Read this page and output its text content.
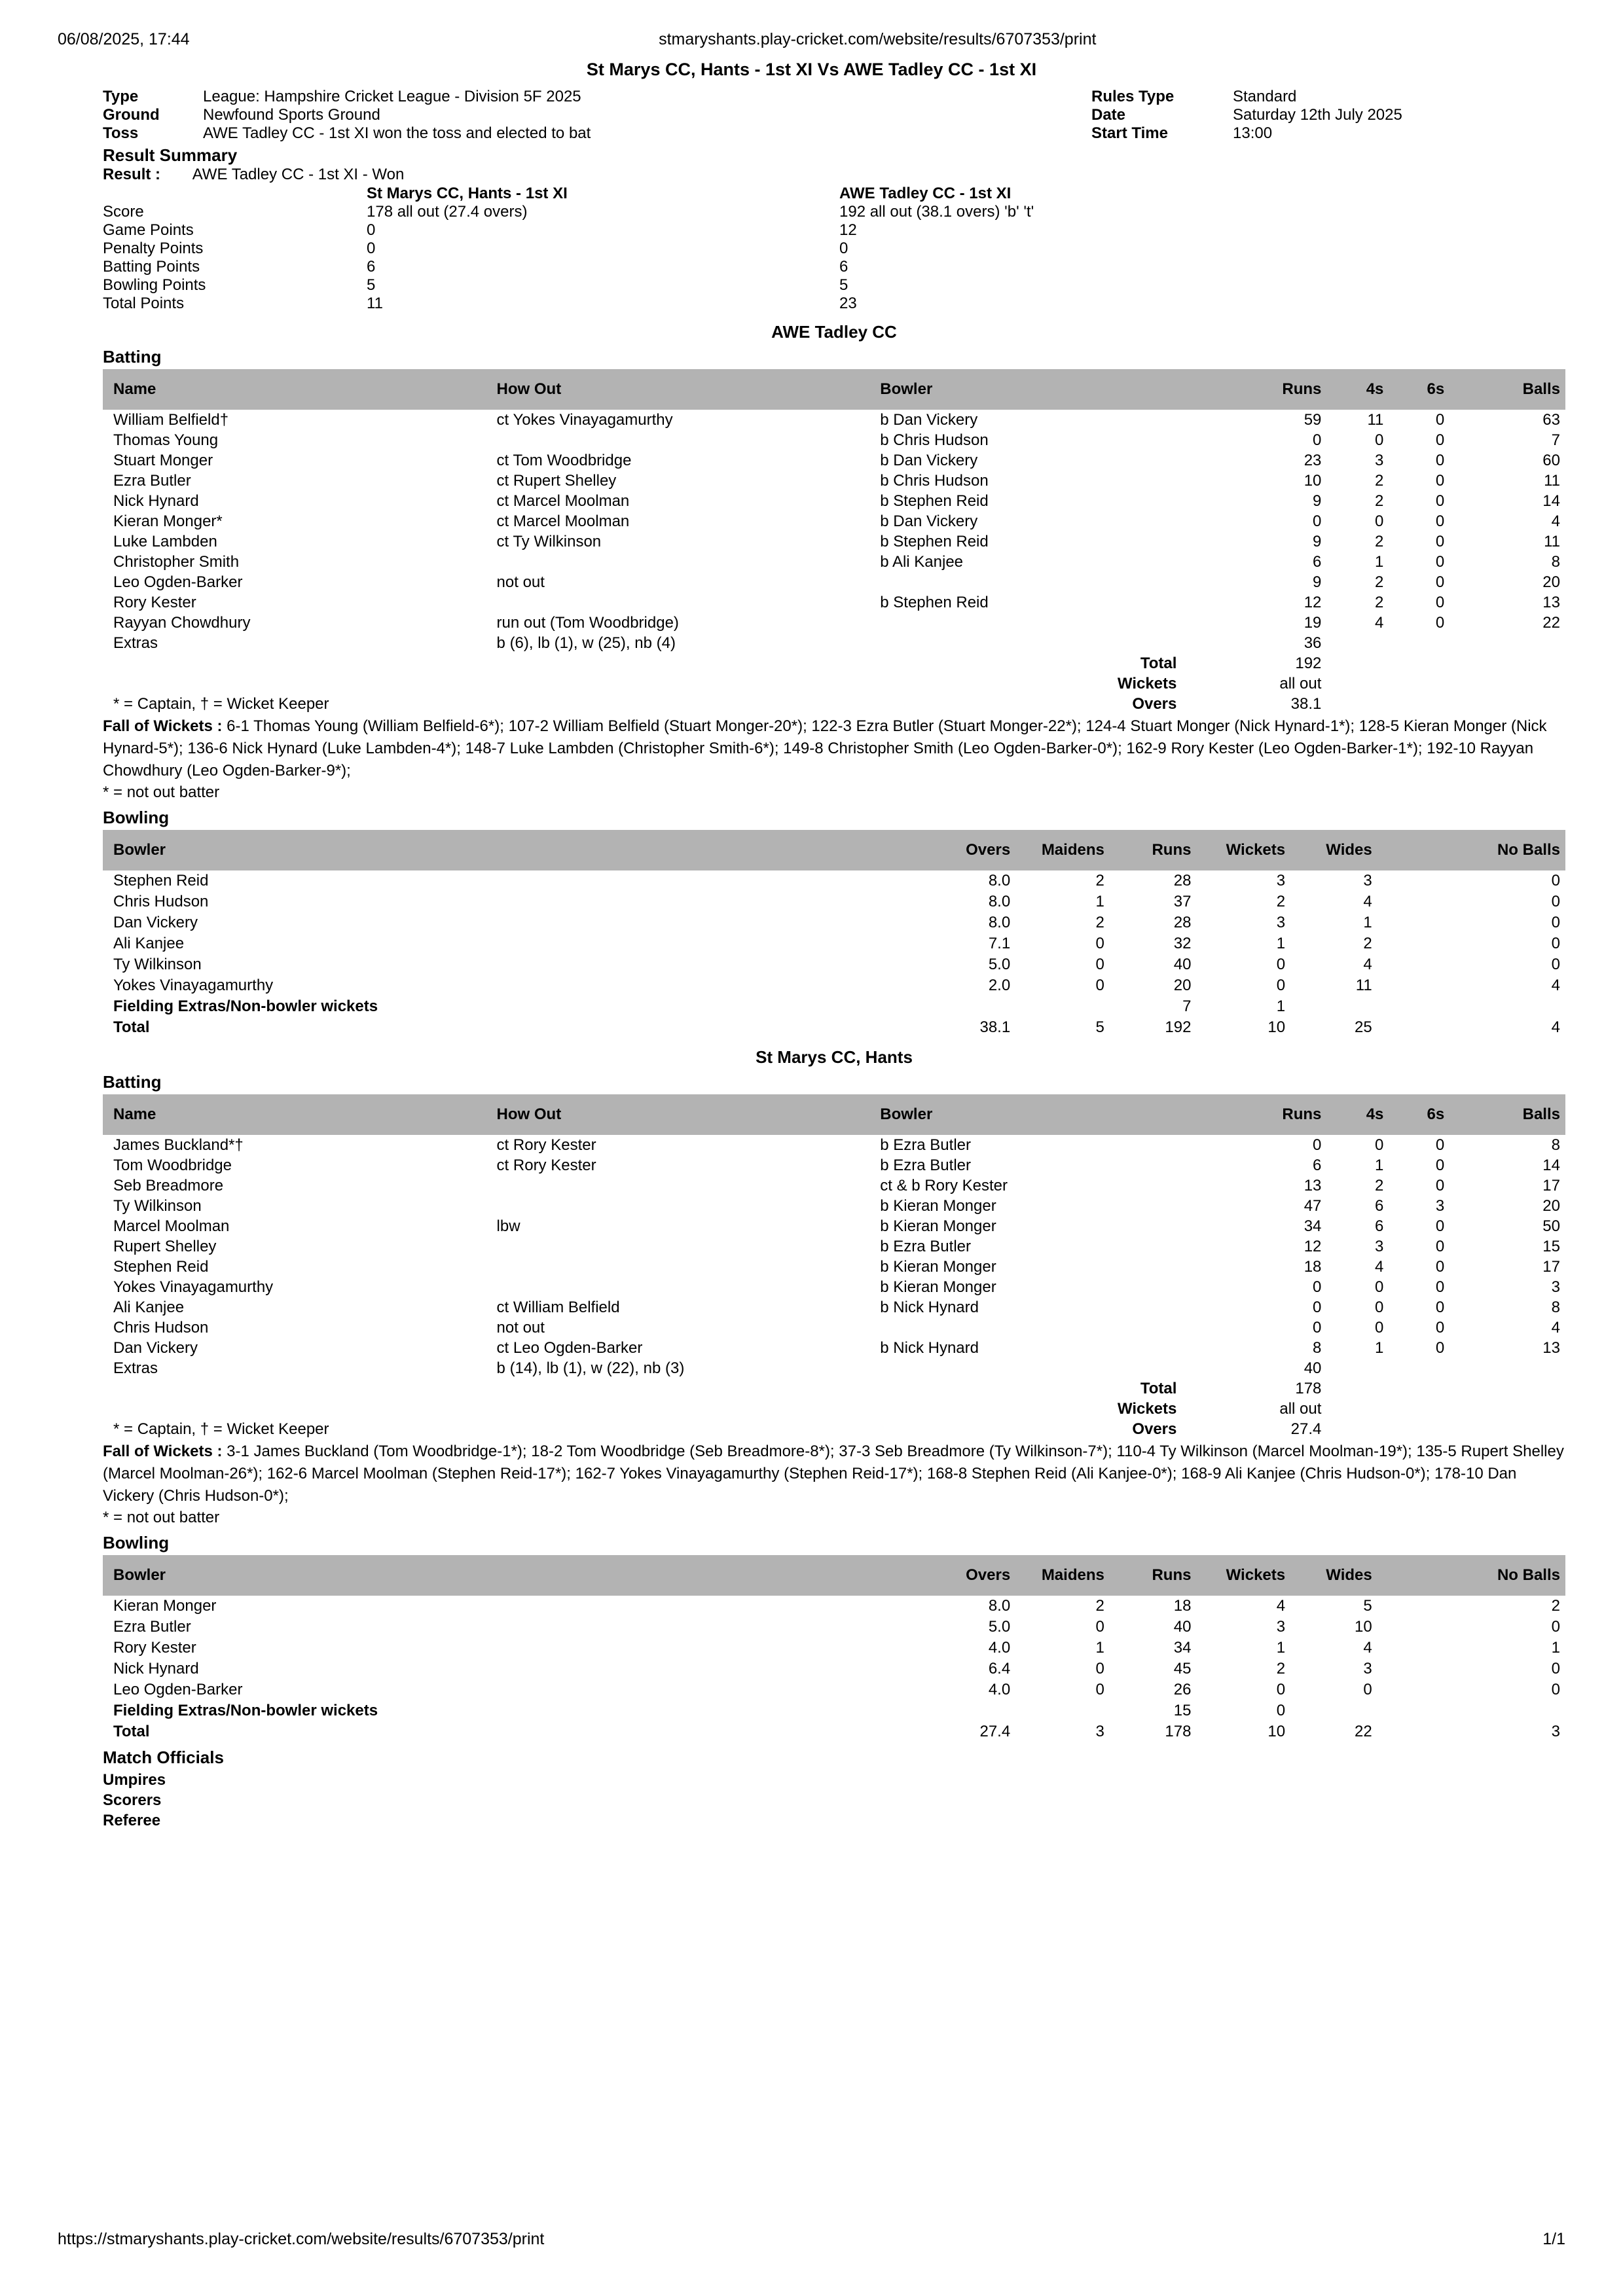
06/08/2025, 17:44	stmaryshants.play-cricket.com/website/results/6707353/print
St Marys CC, Hants - 1st XI Vs AWE Tadley CC - 1st XI
Type	League: Hampshire Cricket League - Division 5F 2025	Rules Type	Standard
Ground	Newfound Sports Ground	Date	Saturday 12th July 2025
Toss	AWE Tadley CC - 1st XI won the toss and elected to bat	Start Time	13:00
Result Summary
Result : AWE Tadley CC - 1st XI - Won
St Marys CC, Hants - 1st XI	AWE Tadley CC - 1st XI
Score	178 all out (27.4 overs)	192 all out (38.1 overs) 'b' 't'
Game Points	0	12
Penalty Points	0	0
Batting Points	6	6
Bowling Points	5	5
Total Points	11	23
AWE Tadley CC
Batting
Name	How Out	Bowler	Runs	4s	6s	Balls
William Belfield†	ct Yokes Vinayagamurthy	b Dan Vickery	59	11	0	63
Thomas Young		b Chris Hudson	0	0	0	7
Stuart Monger	ct Tom Woodbridge	b Dan Vickery	23	3	0	60
Ezra Butler	ct Rupert Shelley	b Chris Hudson	10	2	0	11
Nick Hynard	ct Marcel Moolman	b Stephen Reid	9	2	0	14
Kieran Monger*	ct Marcel Moolman	b Dan Vickery	0	0	0	4
Luke Lambden	ct Ty Wilkinson	b Stephen Reid	9	2	0	11
Christopher Smith		b Ali Kanjee	6	1	0	8
Leo Ogden-Barker	not out		9	2	0	20
Rory Kester		b Stephen Reid	12	2	0	13
Rayyan Chowdhury	run out (Tom Woodbridge)		19	4	0	22
Extras	b (6), lb (1), w (25), nb (4)		36			
Total			192			
Wickets			all out			
* = Captain, † = Wicket Keeper		Overs	38.1			
Fall of Wickets : 6-1 Thomas Young (William Belfield-6*); 107-2 William Belfield (Stuart Monger-20*); 122-3 Ezra Butler (Stuart Monger-22*); 124-4 Stuart Monger (Nick Hynard-1*); 128-5 Kieran Monger (Nick Hynard-5*); 136-6 Nick Hynard (Luke Lambden-4*); 148-7 Luke Lambden (Christopher Smith-6*); 149-8 Christopher Smith (Leo Ogden-Barker-0*); 162-9 Rory Kester (Leo Ogden-Barker-1*); 192-10 Rayyan Chowdhury (Leo Ogden-Barker-9*);
* = not out batter
Bowling
Bowler	Overs	Maidens	Runs	Wickets	Wides	No Balls
Stephen Reid	8.0	2	28	3	3	0
Chris Hudson	8.0	1	37	2	4	0
Dan Vickery	8.0	2	28	3	1	0
Ali Kanjee	7.1	0	32	1	2	0
Ty Wilkinson	5.0	0	40	0	4	0
Yokes Vinayagamurthy	2.0	0	20	0	11	4
Fielding Extras/Non-bowler wickets			7	1		
Total	38.1	5	192	10	25	4
St Marys CC, Hants
Batting
Name	How Out	Bowler	Runs	4s	6s	Balls
James Buckland*†	ct Rory Kester	b Ezra Butler	0	0	0	8
Tom Woodbridge	ct Rory Kester	b Ezra Butler	6	1	0	14
Seb Breadmore		ct & b Rory Kester	13	2	0	17
Ty Wilkinson		b Kieran Monger	47	6	3	20
Marcel Moolman	lbw	b Kieran Monger	34	6	0	50
Rupert Shelley		b Ezra Butler	12	3	0	15
Stephen Reid		b Kieran Monger	18	4	0	17
Yokes Vinayagamurthy		b Kieran Monger	0	0	0	3
Ali Kanjee	ct William Belfield	b Nick Hynard	0	0	0	8
Chris Hudson	not out		0	0	0	4
Dan Vickery	ct Leo Ogden-Barker	b Nick Hynard	8	1	0	13
Extras	b (14), lb (1), w (22), nb (3)		40			
Total			178			
Wickets			all out			
* = Captain, † = Wicket Keeper		Overs	27.4			
Fall of Wickets : 3-1 James Buckland (Tom Woodbridge-1*); 18-2 Tom Woodbridge (Seb Breadmore-8*); 37-3 Seb Breadmore (Ty Wilkinson-7*); 110-4 Ty Wilkinson (Marcel Moolman-19*); 135-5 Rupert Shelley (Marcel Moolman-26*); 162-6 Marcel Moolman (Stephen Reid-17*); 162-7 Yokes Vinayagamurthy (Stephen Reid-17*); 168-8 Stephen Reid (Ali Kanjee-0*); 168-9 Ali Kanjee (Chris Hudson-0*); 178-10 Dan Vickery (Chris Hudson-0*);
* = not out batter
Bowling
Bowler	Overs	Maidens	Runs	Wickets	Wides	No Balls
Kieran Monger	8.0	2	18	4	5	2
Ezra Butler	5.0	0	40	3	10	0
Rory Kester	4.0	1	34	1	4	1
Nick Hynard	6.4	0	45	2	3	0
Leo Ogden-Barker	4.0	0	26	0	0	0
Fielding Extras/Non-bowler wickets			15	0		
Total	27.4	3	178	10	22	3
Match Officials
Umpires
Scorers
Referee
https://stmaryshants.play-cricket.com/website/results/6707353/print	1/1
